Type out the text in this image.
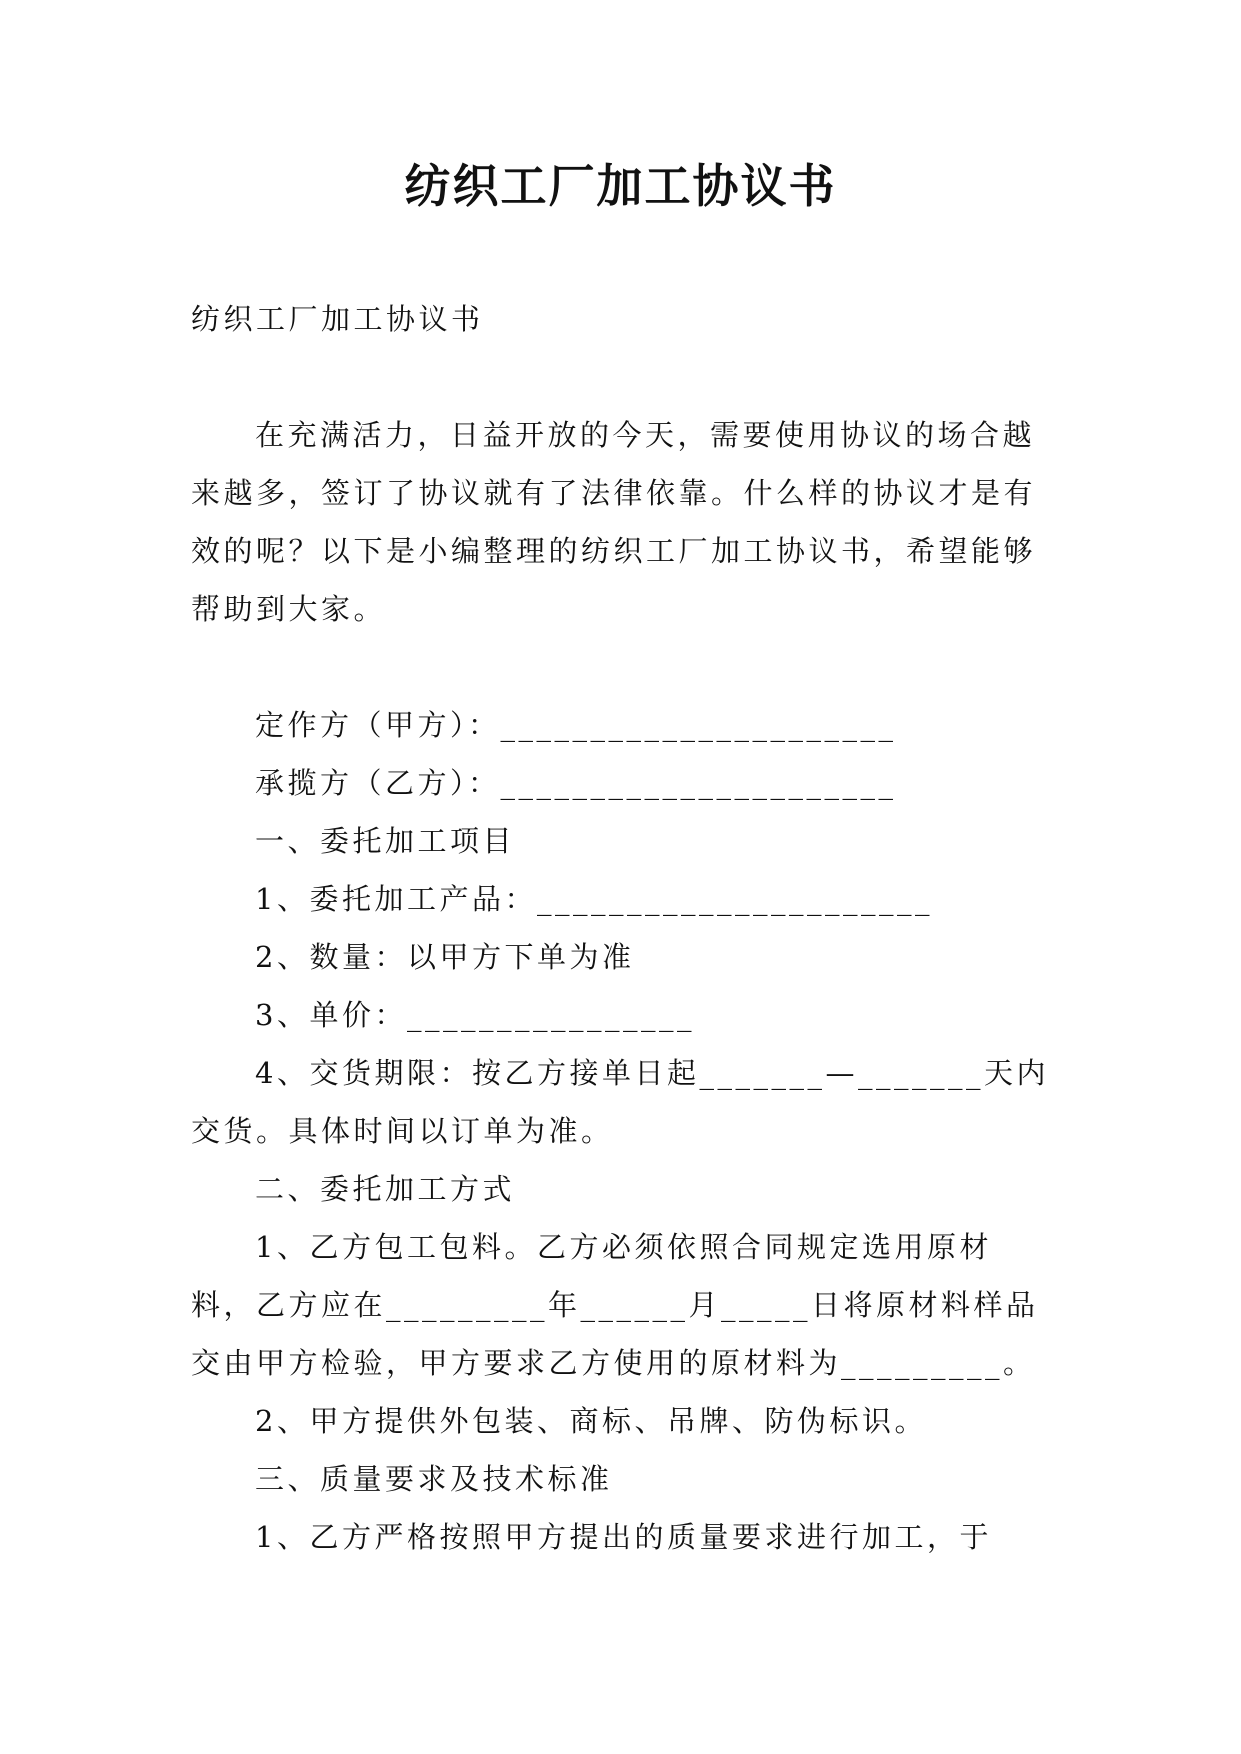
纺织工厂加工协议书

纺织工厂加工协议书

在充满活力，日益开放的今天，需要使用协议的场合越来越多，签订了协议就有了法律依靠。什么样的协议才是有效的呢？以下是小编整理的纺织工厂加工协议书，希望能够帮助到大家。

定作方（甲方）：______________________

承揽方（乙方）：______________________

一、委托加工项目

1、委托加工产品：______________________

2、数量：以甲方下单为准

3、单价：________________

4、交货期限：按乙方接单日起_______—_______天内交货。具体时间以订单为准。

二、委托加工方式

1、乙方包工包料。乙方必须依照合同规定选用原材料，乙方应在_________年______月_____日将原材料样品交由甲方检验，甲方要求乙方使用的原材料为_________。

2、甲方提供外包装、商标、吊牌、防伪标识。

三、质量要求及技术标准

1、乙方严格按照甲方提出的质量要求进行加工，于
